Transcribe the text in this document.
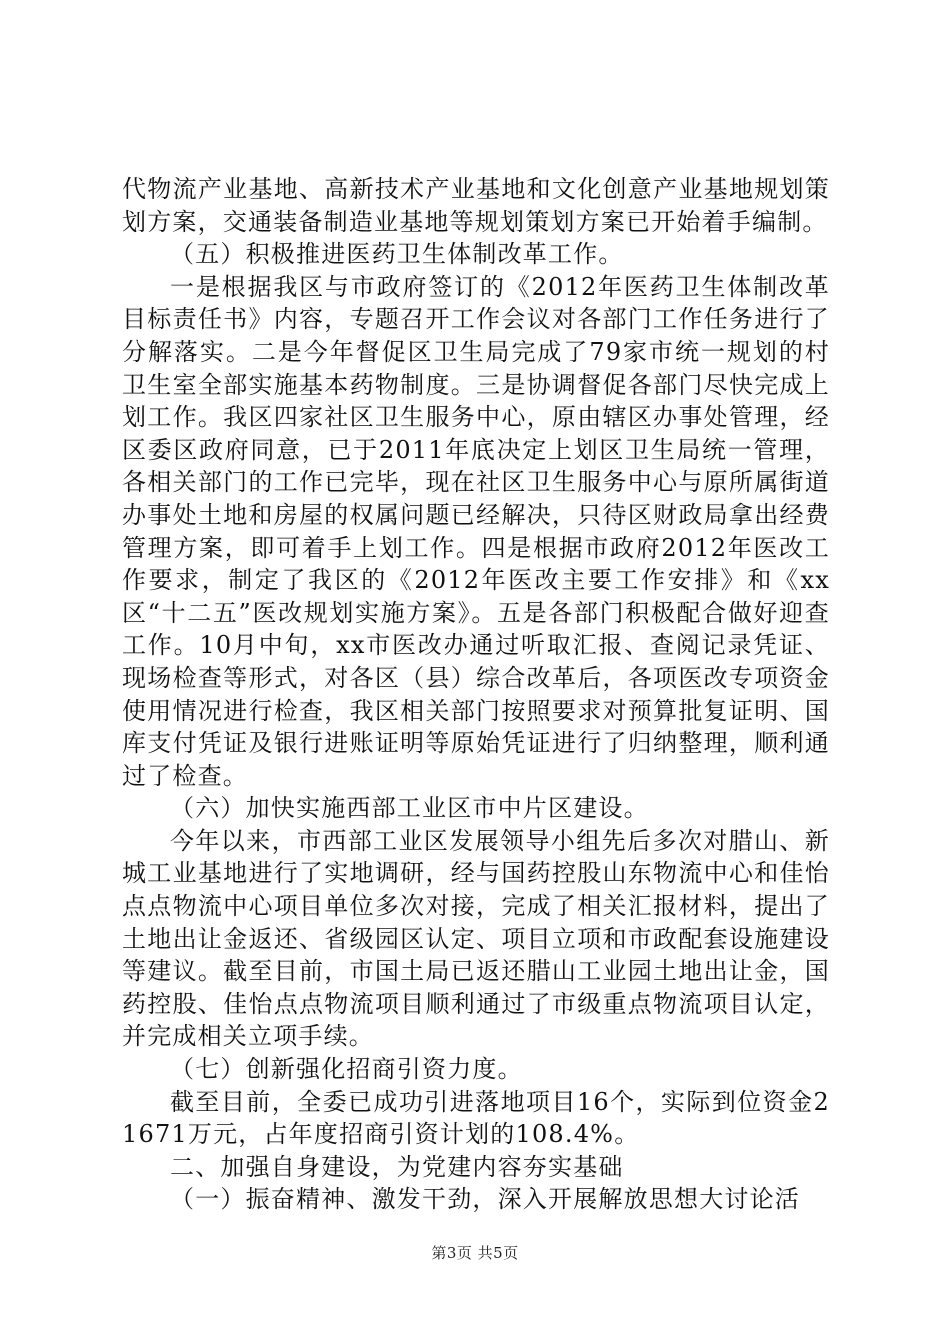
代物流产业基地、高新技术产业基地和文化创意产业基地规划策划方案，交通装备制造业基地等规划策划方案已开始着手编制。

（五）积极推进医药卫生体制改革工作。

一是根据我区与市政府签订的《2012年医药卫生体制改革目标责任书》内容，专题召开工作会议对各部门工作任务进行了分解落实。二是今年督促区卫生局完成了79家市统一规划的村卫生室全部实施基本药物制度。三是协调督促各部门尽快完成上划工作。我区四家社区卫生服务中心，原由辖区办事处管理，经区委区政府同意，已于2011年底决定上划区卫生局统一管理，各相关部门的工作已完毕，现在社区卫生服务中心与原所属街道办事处土地和房屋的权属问题已经解决，只待区财政局拿出经费管理方案，即可着手上划工作。四是根据市政府2012年医改工作要求，制定了我区的《2012年医改主要工作安排》和《xx区“十二五”医改规划实施方案》。五是各部门积极配合做好迎查工作。10月中旬，xx市医改办通过听取汇报、查阅记录凭证、现场检查等形式，对各区（县）综合改革后，各项医改专项资金使用情况进行检查，我区相关部门按照要求对预算批复证明、国库支付凭证及银行进账证明等原始凭证进行了归纳整理，顺利通过了检查。

（六）加快实施西部工业区市中片区建设。

今年以来，市西部工业区发展领导小组先后多次对腊山、新城工业基地进行了实地调研，经与国药控股山东物流中心和佳怡点点物流中心项目单位多次对接，完成了相关汇报材料，提出了土地出让金返还、省级园区认定、项目立项和市政配套设施建设等建议。截至目前，市国土局已返还腊山工业园土地出让金，国药控股、佳怡点点物流项目顺利通过了市级重点物流项目认定，并完成相关立项手续。

（七）创新强化招商引资力度。

截至目前，全委已成功引进落地项目16个，实际到位资金21671万元，占年度招商引资计划的108.4%。

二、加强自身建设，为党建内容夯实基础

（一）振奋精神、激发干劲，深入开展解放思想大讨论活

第3页 共5页
